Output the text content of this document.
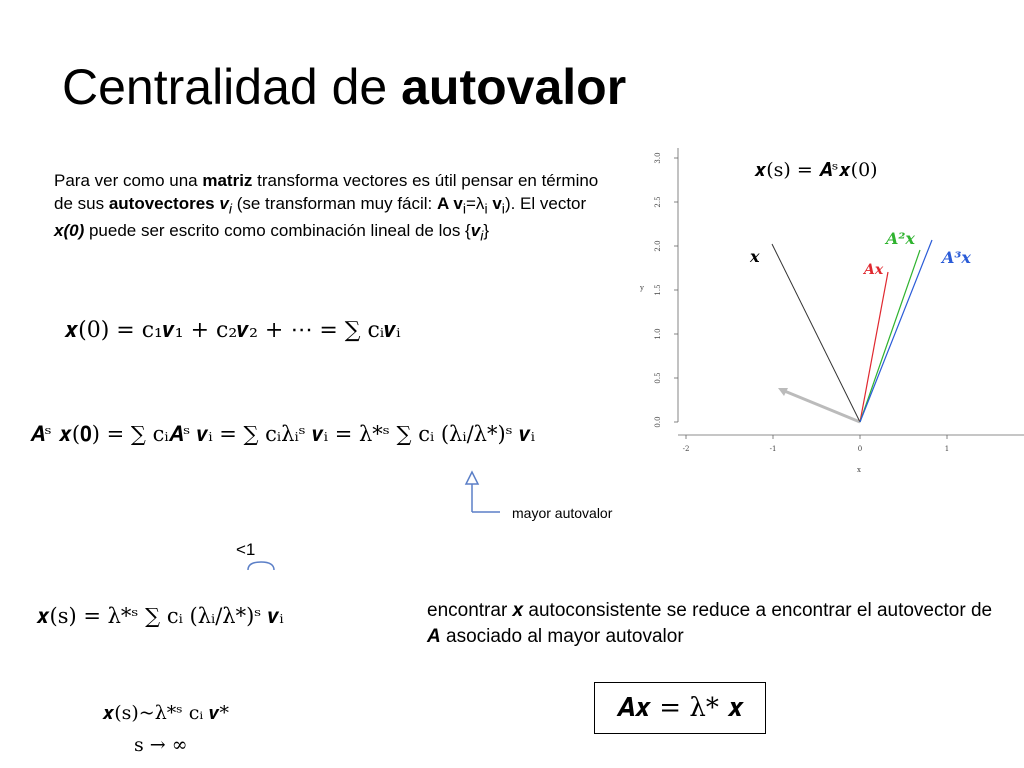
Centralidad de autovalor
Para ver como una matriz transforma vectores es útil pensar en término de sus autovectores $v_i$ (se transforman muy fácil: A $v_i=\lambda_i$ $v_i$). El vector x(0) puede ser escrito como combinación lineal de los $\{v_i\}$
𝒙(0) = c₁𝒗₁ + c₂𝒗₂ + ⋯ = ∑ cᵢ𝒗ᵢ
𝑨ˢ 𝒙(𝟎) = ∑ cᵢ𝑨ˢ 𝒗ᵢ = ∑ cᵢλᵢˢ 𝒗ᵢ = λ*ˢ ∑ cᵢ (λᵢ/λ*)ˢ 𝒗ᵢ
mayor autovalor
<1
𝒙(s) = λ*ˢ ∑ cᵢ (λᵢ/λ*)ˢ 𝒗ᵢ
𝒙(s)~λ*ˢ cᵢ 𝒗*
s → ∞
encontrar x autoconsistente se reduce a encontrar el autovector de A asociado al mayor autovalor
𝑨𝒙 = λ* 𝒙
0.0
0.5
1.0
1.5
2.0
2.5
3.0
-2	-1	0	1
y
x
𝒙(s) = 𝑨ˢ𝒙(0)
𝒙
𝑨𝒙
𝑨²𝒙
𝑨³𝒙
